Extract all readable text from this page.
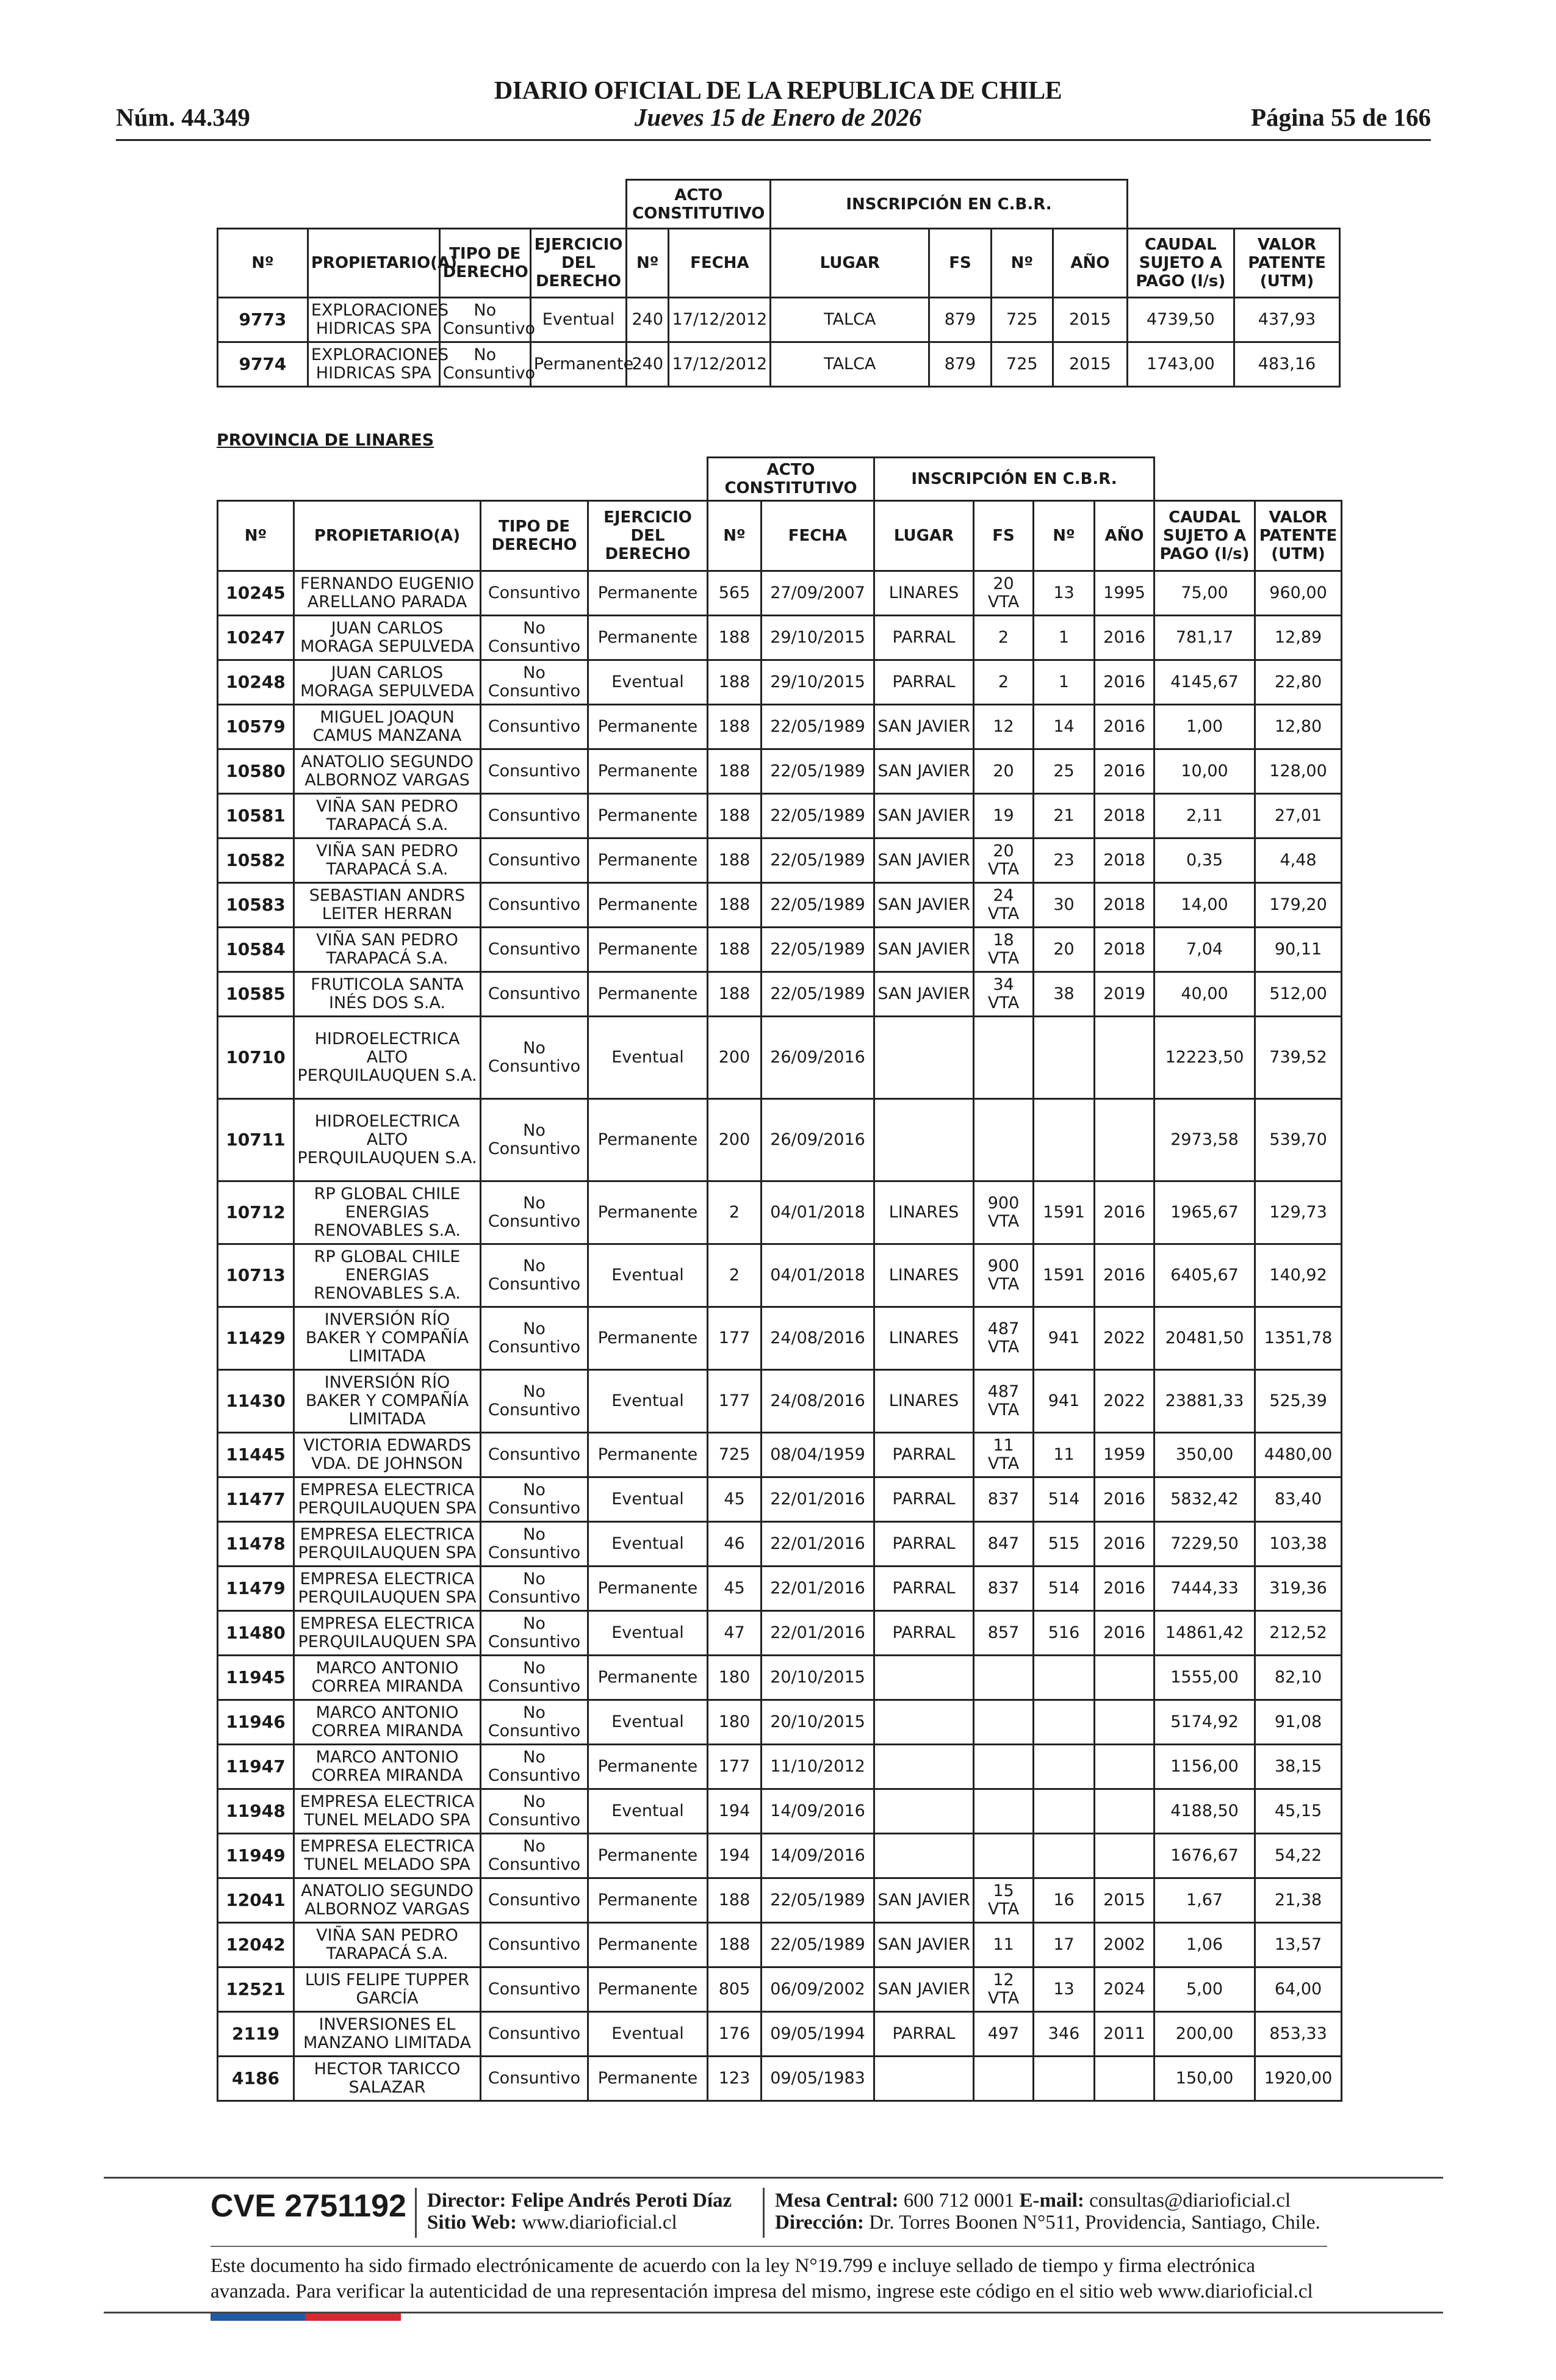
DIARIO OFICIAL DE LA REPUBLICA DE CHILE
Núm. 44.349	Jueves 15 de Enero de 2026	Página 55 de 166
				ACTO CONSTITUTIVO		INSCRIPCIÓN EN C.B.R.					
Nº	PROPIETARIO(A)	TIPO DE DERECHO	EJERCICIO DEL DERECHO	Nº	FECHA	LUGAR	FS	Nº	AÑO	CAUDAL SUJETO A PAGO (l/s)	VALOR PATENTE (UTM)
9773	EXPLORACIONES HIDRICAS SPA	No Consuntivo	Eventual	240	17/12/2012	TALCA	879	725	2015	4739,50	437,93
9774	EXPLORACIONES HIDRICAS SPA	No Consuntivo	Permanente	240	17/12/2012	TALCA	879	725	2015	1743,00	483,16
PROVINCIA DE LINARES
				ACTO CONSTITUTIVO		INSCRIPCIÓN EN C.B.R.					
Nº	PROPIETARIO(A)	TIPO DE DERECHO	EJERCICIO DEL DERECHO	Nº	FECHA	LUGAR	FS	Nº	AÑO	CAUDAL SUJETO A PAGO (l/s)	VALOR PATENTE (UTM)
10245	FERNANDO EUGENIO ARELLANO PARADA	Consuntivo	Permanente	565	27/09/2007	LINARES	20 VTA	13	1995	75,00	960,00
10247	JUAN CARLOS MORAGA SEPULVEDA	No Consuntivo	Permanente	188	29/10/2015	PARRAL	2	1	2016	781,17	12,89
10248	JUAN CARLOS MORAGA SEPULVEDA	No Consuntivo	Eventual	188	29/10/2015	PARRAL	2	1	2016	4145,67	22,80
10579	MIGUEL JOAQUN CAMUS MANZANA	Consuntivo	Permanente	188	22/05/1989	SAN JAVIER	12	14	2016	1,00	12,80
10580	ANATOLIO SEGUNDO ALBORNOZ VARGAS	Consuntivo	Permanente	188	22/05/1989	SAN JAVIER	20	25	2016	10,00	128,00
10581	VIÑA SAN PEDRO TARAPACÁ S.A.	Consuntivo	Permanente	188	22/05/1989	SAN JAVIER	19	21	2018	2,11	27,01
10582	VIÑA SAN PEDRO TARAPACÁ S.A.	Consuntivo	Permanente	188	22/05/1989	SAN JAVIER	20 VTA	23	2018	0,35	4,48
10583	SEBASTIAN ANDRS LEITER HERRAN	Consuntivo	Permanente	188	22/05/1989	SAN JAVIER	24 VTA	30	2018	14,00	179,20
10584	VIÑA SAN PEDRO TARAPACÁ S.A.	Consuntivo	Permanente	188	22/05/1989	SAN JAVIER	18 VTA	20	2018	7,04	90,11
10585	FRUTICOLA SANTA INÉS DOS S.A.	Consuntivo	Permanente	188	22/05/1989	SAN JAVIER	34 VTA	38	2019	40,00	512,00
10710	HIDROELECTRICA ALTO PERQUILAUQUEN S.A.	No Consuntivo	Eventual	200	26/09/2016					12223,50	739,52
10711	HIDROELECTRICA ALTO PERQUILAUQUEN S.A.	No Consuntivo	Permanente	200	26/09/2016					2973,58	539,70
10712	RP GLOBAL CHILE ENERGIAS RENOVABLES S.A.	No Consuntivo	Permanente	2	04/01/2018	LINARES	900 VTA	1591	2016	1965,67	129,73
10713	RP GLOBAL CHILE ENERGIAS RENOVABLES S.A.	No Consuntivo	Eventual	2	04/01/2018	LINARES	900 VTA	1591	2016	6405,67	140,92
11429	INVERSIÓN RÍO BAKER Y COMPAÑÍA LIMITADA	No Consuntivo	Permanente	177	24/08/2016	LINARES	487 VTA	941	2022	20481,50	1351,78
11430	INVERSIÓN RÍO BAKER Y COMPAÑÍA LIMITADA	No Consuntivo	Eventual	177	24/08/2016	LINARES	487 VTA	941	2022	23881,33	525,39
11445	VICTORIA EDWARDS VDA. DE JOHNSON	Consuntivo	Permanente	725	08/04/1959	PARRAL	11 VTA	11	1959	350,00	4480,00
11477	EMPRESA ELECTRICA PERQUILAUQUEN SPA	No Consuntivo	Eventual	45	22/01/2016	PARRAL	837	514	2016	5832,42	83,40
11478	EMPRESA ELECTRICA PERQUILAUQUEN SPA	No Consuntivo	Eventual	46	22/01/2016	PARRAL	847	515	2016	7229,50	103,38
11479	EMPRESA ELECTRICA PERQUILAUQUEN SPA	No Consuntivo	Permanente	45	22/01/2016	PARRAL	837	514	2016	7444,33	319,36
11480	EMPRESA ELECTRICA PERQUILAUQUEN SPA	No Consuntivo	Eventual	47	22/01/2016	PARRAL	857	516	2016	14861,42	212,52
11945	MARCO ANTONIO CORREA MIRANDA	No Consuntivo	Permanente	180	20/10/2015					1555,00	82,10
11946	MARCO ANTONIO CORREA MIRANDA	No Consuntivo	Eventual	180	20/10/2015					5174,92	91,08
11947	MARCO ANTONIO CORREA MIRANDA	No Consuntivo	Permanente	177	11/10/2012					1156,00	38,15
11948	EMPRESA ELECTRICA TUNEL MELADO SPA	No Consuntivo	Eventual	194	14/09/2016					4188,50	45,15
11949	EMPRESA ELECTRICA TUNEL MELADO SPA	No Consuntivo	Permanente	194	14/09/2016					1676,67	54,22
12041	ANATOLIO SEGUNDO ALBORNOZ VARGAS	Consuntivo	Permanente	188	22/05/1989	SAN JAVIER	15 VTA	16	2015	1,67	21,38
12042	VIÑA SAN PEDRO TARAPACÁ S.A.	Consuntivo	Permanente	188	22/05/1989	SAN JAVIER	11	17	2002	1,06	13,57
12521	LUIS FELIPE TUPPER GARCÍA	Consuntivo	Permanente	805	06/09/2002	SAN JAVIER	12 VTA	13	2024	5,00	64,00
2119	INVERSIONES EL MANZANO LIMITADA	Consuntivo	Eventual	176	09/05/1994	PARRAL	497	346	2011	200,00	853,33
4186	HECTOR TARICCO SALAZAR	Consuntivo	Permanente	123	09/05/1983					150,00	1920,00
CVE 2751192 Director: Felipe Andrés Peroti Díaz
Sitio Web: www.diarioficial.cl
Mesa Central: 600 712 0001 E-mail: consultas@diarioficial.cl
Dirección: Dr. Torres Boonen N°511, Providencia, Santiago, Chile.
Este documento ha sido firmado electrónicamente de acuerdo con la ley N°19.799 e incluye sellado de tiempo y firma electrónica avanzada. Para verificar la autenticidad de una representación impresa del mismo, ingrese este código en el sitio web www.diarioficial.cl
